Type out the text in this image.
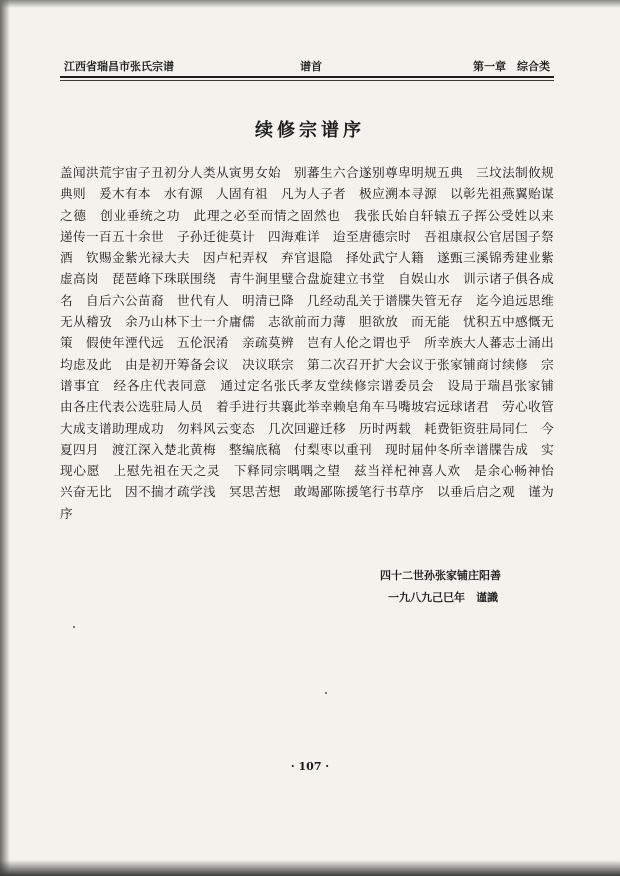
江西省瑞昌市张氏宗谱	谱首	第一章　综合类
续修宗谱序
盖闻洪荒宇宙子丑初分人类从寅男女始　别蕃生六合遂别尊卑明规五典　三坟法制攸规典则　爰木有本　水有源　人固有祖　凡为人子者　极应溯本寻源　以彰先祖燕翼贻谋之德　创业垂统之功　此理之必至而情之固然也　我张氏始自轩辕五子挥公受姓以来　递传一百五十余世　子孙迁徙莫计　四海难详　迨至唐德宗时　吾祖康叔公官居国子祭酒　钦赐金紫光禄大夫　因卢杞弄权　弃官退隐　择处武宁人籍　遂甄三溪锦秀建业紫虚高岗　琵琶峰下珠联围绕　青牛涧里璧合盘旋建立书堂　自娱山水　训示诸子俱各成名　自后六公苗裔　世代有人　明清已降　几经动乱关于谱牒失管无存　迄今追远思维无从稽攷　余乃山林下士一介庸儒　志欲前而力薄　胆欲放　而无能　忧积五中感慨无策　假使年湮代远　五伦泯淆　亲疏莫辨　岂有人伦之谓也乎　所幸族大人蕃志士涌出　均虑及此　由是初开筹备会议　决议联宗　第二次召开扩大会议于张家铺商讨续修　宗谱事宜　经各庄代表同意　通过定名张氏孝友堂续修宗谱委员会　设局于瑞昌张家铺　由各庄代表公选驻局人员　着手进行共襄此举幸赖皂角车马嘴坡宕远球诸君　劳心收管大成支谱助理成功　勿料风云变态　几次回避迁移　历时两载　耗费钜资驻局同仁　今夏四月　渡江深入楚北黄梅　整编底稿　付梨枣以重刊　现时届仲冬所幸谱牒告成　实现心愿　上慰先祖在天之灵　下释同宗喁喁之望　兹当祥杞神喜人欢　是余心畅神怡　兴奋无比　因不揣才疏学浅　冥思苦想　敢竭鄙陈援笔行书草序　以垂后启之观　谨为序
四十二世孙张家铺庄阳善
一九八九己巳年　谨識
· 107 ·
